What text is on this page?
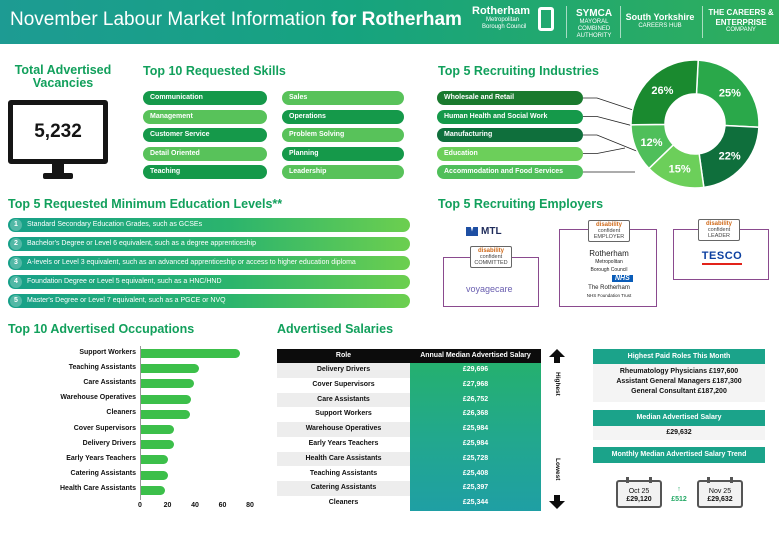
November Labour Market Information for Rotherham Rotherham
Metropolitan
Borough Council
SYMCA
MAYORAL
COMBINED AUTHORITY
South Yorkshire
CAREERS HUB
THE CAREERS &
ENTERPRISE
COMPANY
Total Advertised Vacancies
5,232
Top 10 Requested Skills
Communication
Management
Customer Service
Detail Oriented
Teaching
Sales
Operations
Problem Solving
Planning
Leadership
Top 5 Recruiting Industries
Wholesale and Retail
Human Health and Social Work
Manufacturing
Education
Accommodation and Food Services
25%
22%
15%
12%
26%
Top 5 Requested Minimum Education Levels**
1 Standard Secondary Education Grades, such as GCSEs
2 Bachelor's Degree or Level 6 equivalent, such as a degree apprenticeship
3 A-levels or Level 3 equivalent, such as an advanced apprenticeship or access to higher education diploma
4 Foundation Degree or Level 5 equivalent, such as a HNC/HND
5 Master's Degree or Level 7 equivalent, such as a PGCE or NVQ
Top 5 Recruiting Employers
MTL
disability
confident
COMMITTED
voyagecare
disability
confident
EMPLOYER
Rotherham
Metropolitan
Borough Council
NHS
The Rotherham
NHS Foundation Trust
disability
confident
LEADER
TESCO
Top 10 Advertised Occupations
Support Workers
Teaching Assistants
Care Assistants
Warehouse Operatives
Cleaners
Cover Supervisors
Delivery Drivers
Early Years Teachers
Catering Assistants
Health Care Assistants
0	20	40	60	80
Advertised Salaries
Role	Annual Median Advertised Salary
Delivery Drivers	£29,696
Cover Supervisors	£27,968
Care Assistants	£26,752
Support Workers	£26,368
Warehouse Operatives	£25,984
Early Years Teachers	£25,984
Health Care Assistants	£25,728
Teaching Assistants	£25,408
Catering Assistants	£25,397
Cleaners	£25,344
Highest
Lowest
Highest Paid Roles This Month
Rheumatology Physicians £197,600
Assistant General Managers £187,300
General Consultant £187,200
Median Advertised Salary
£29,632
Monthly Median Advertised Salary Trend
Oct 25
£29,120
↑
£512
Nov 25
£29,632
